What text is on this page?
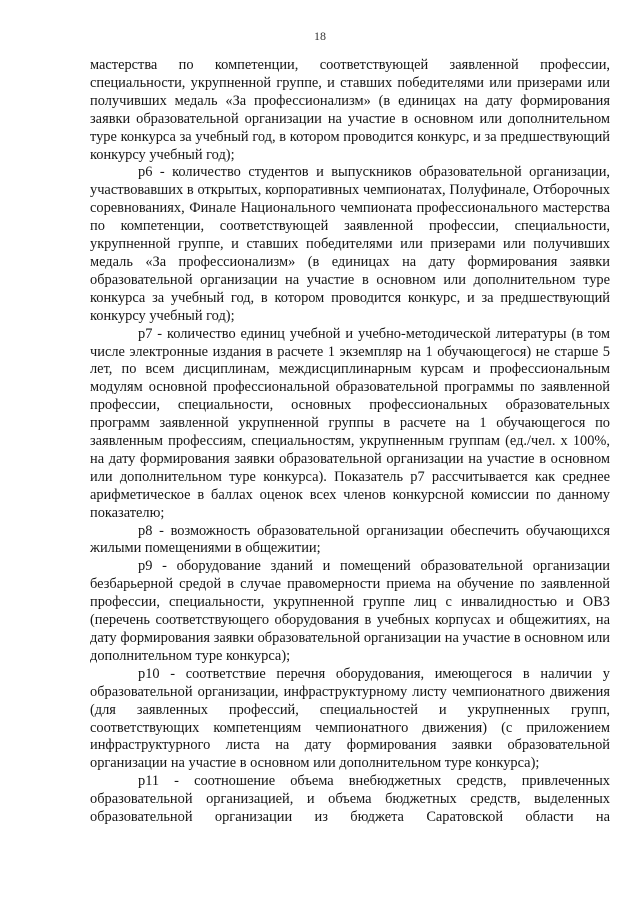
18

мастерства по компетенции, соответствующей заявленной профессии, специальности, укрупненной группе, и ставших победителями или призерами или получивших медаль «За профессионализм» (в единицах на дату формирования заявки образовательной организации на участие в основном или дополнительном туре конкурса за учебный год, в котором проводится конкурс, и за предшествующий конкурсу учебный год);

p6 - количество студентов и выпускников образовательной организации, участвовавших в открытых, корпоративных чемпионатах, Полуфинале, Отборочных соревнованиях, Финале Национального чемпионата профессионального мастерства по компетенции, соответствующей заявленной профессии, специальности, укрупненной группе, и ставших победителями или призерами или получивших медаль «За профессионализм» (в единицах на дату формирования заявки образовательной организации на участие в основном или дополнительном туре конкурса за учебный год, в котором проводится конкурс, и за предшествующий конкурсу учебный год);

p7 - количество единиц учебной и учебно-методической литературы (в том числе электронные издания в расчете 1 экземпляр на 1 обучающегося) не старше 5 лет, по всем дисциплинам, междисциплинарным курсам и профессиональным модулям основной профессиональной образовательной программы по заявленной профессии, специальности, основных профессиональных образовательных программ заявленной укрупненной группы в расчете на 1 обучающегося по заявленным профессиям, специальностям, укрупненным группам (ед./чел. x 100%, на дату формирования заявки образовательной организации на участие в основном или дополнительном туре конкурса). Показатель p7 рассчитывается как среднее арифметическое в баллах оценок всех членов конкурсной комиссии по данному показателю;

p8 - возможность образовательной организации обеспечить обучающихся жилыми помещениями в общежитии;

p9 - оборудование зданий и помещений образовательной организации безбарьерной средой в случае правомерности приема на обучение по заявленной профессии, специальности, укрупненной группе лиц с инвалидностью и ОВЗ (перечень соответствующего оборудования в учебных корпусах и общежитиях, на дату формирования заявки образовательной организации на участие в основном или дополнительном туре конкурса);

p10 - соответствие перечня оборудования, имеющегося в наличии у образовательной организации, инфраструктурному листу чемпионатного движения (для заявленных профессий, специальностей и укрупненных групп, соответствующих компетенциям чемпионатного движения) (с приложением инфраструктурного листа на дату формирования заявки образовательной организации на участие в основном или дополнительном туре конкурса);

p11 - соотношение объема внебюджетных средств, привлеченных образовательной организацией, и объема бюджетных средств, выделенных образовательной организации из бюджета Саратовской области на
